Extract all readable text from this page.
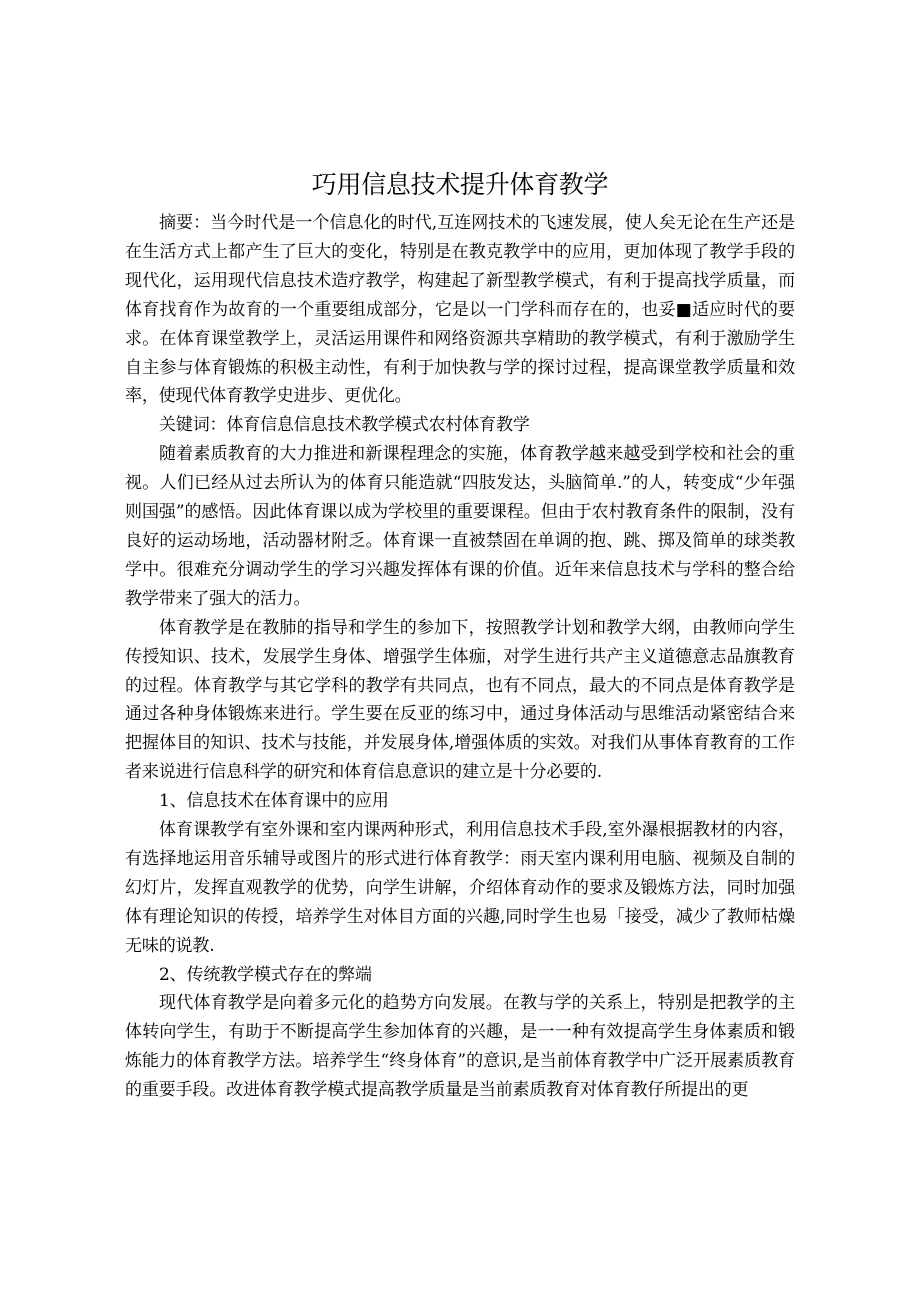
巧用信息技术提升体育教学

摘要：当今时代是一个信息化的时代,互连网技术的飞速发展，使人矣无论在生产还是在生活方式上都产生了巨大的变化，特别是在教克教学中的应用，更加体现了教学手段的现代化，运用现代信息技术造疗教学，构建起了新型教学模式，有利于提高找学质量，而体育找育作为故育的一个重要组成部分，它是以一门学科而存在的，也妥■适应时代的要求。在体育课堂教学上，灵活运用课件和网络资源共享精助的教学模式，有利于激励学生自主参与体育锻炼的积极主动性，有利于加快教与学的探讨过程，提高课堂教学质量和效率，使现代体育教学史进步、更优化。

关键词：体育信息信息技术教学模式农村体育教学

随着素质教育的大力推进和新课程理念的实施，体育教学越来越受到学校和社会的重视。人们已经从过去所认为的体育只能造就“四肢发达，头脑简单.”的人，转变成“少年强则国强”的感悟。因此体育课以成为学校里的重要课程。但由于农村教育条件的限制，没有良好的运动场地，活动器材附乏。体育课一直被禁固在单调的抱、跳、掷及简单的球类教学中。很难充分调动学生的学习兴趣发挥体有课的价值。近年来信息技术与学科的整合给教学带来了强大的活力。

体育教学是在教肺的指导和学生的参加下，按照教学计划和教学大纲，由教师向学生传授知识、技术，发展学生身体、增强学生体痂，对学生进行共产主义道德意志品旗教育的过程。体育教学与其它学科的教学有共同点，也有不同点，最大的不同点是体育教学是通过各种身体锻炼来进行。学生要在反亚的练习中，通过身体活动与思维活动紧密结合来把握体目的知识、技术与技能，并发展身体,增强体质的实效。对我们从事体育教育的工作者来说进行信息科学的研究和体育信息意识的建立是十分必要的.

1、信息技术在体育课中的应用

体育课教学有室外课和室内课两种形式，利用信息技术手段,室外瀑根据教材的内容，有选择地运用音乐辅导或图片的形式进行体育教学：雨天室内课利用电脑、视频及自制的幻灯片，发挥直观教学的优势，向学生讲解，介绍体育动作的要求及锻炼方法，同时加强体有理论知识的传授，培养学生对体目方面的兴趣,同时学生也易「接受，减少了教师枯燥无味的说教.

2、传统教学模式存在的弊端

现代体育教学是向着多元化的趋势方向发展。在教与学的关系上，特别是把教学的主体转向学生，有助于不断提高学生参加体育的兴趣，是一一种有效提高学生身体素质和锻炼能力的体育教学方法。培养学生“终身体育”的意识,是当前体育教学中广泛开展素质教育的重要手段。改进体育教学模式提高教学质量是当前素质教育对体育教仔所提出的更
